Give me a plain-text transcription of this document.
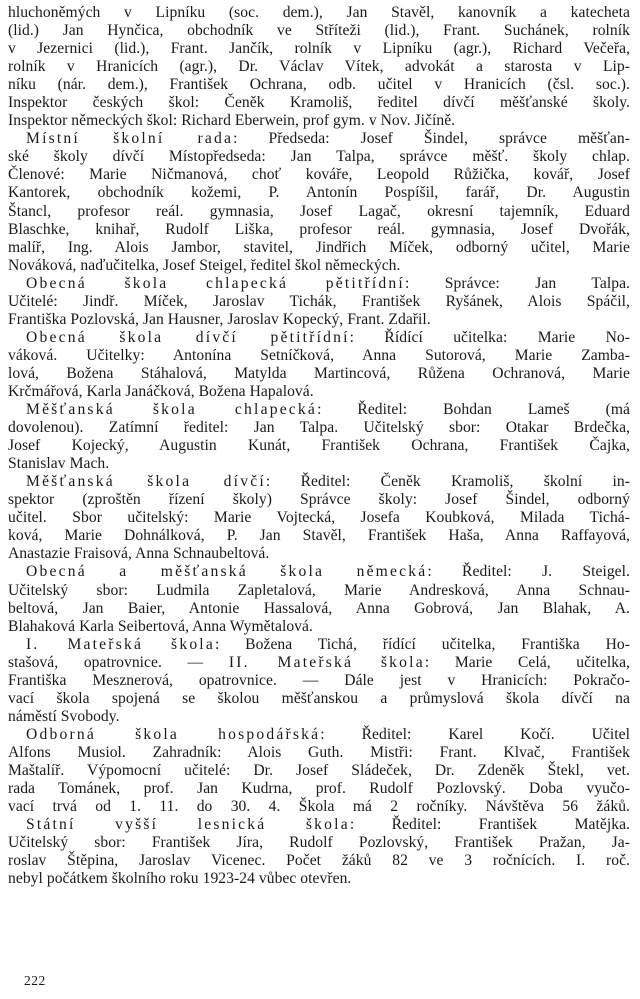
hluchoněmých v Lipníku (soc. dem.), Jan Stavěl, kanovník a katecheta
(lid.) Jan Hynčica, obchodník ve Stříteži (lid.), Frant. Suchánek, rolník
v Jezernici (lid.), Frant. Jančík, rolník v Lipníku (agr.), Richard Večeřa,
rolník v Hranicích (agr.), Dr. Václav Vítek, advokát a starosta v Lip-
níku (nár. dem.), František Ochrana, odb. učitel v Hranicích (čsl. soc.).
Inspektor českých škol: Čeněk Kramoliš, ředitel dívčí měšťanské školy.
Inspektor německých škol: Richard Eberwein, prof gym. v Nov. Jičíně.
Místní školní rada: Předseda: Josef Šindel, správce měšťan-
ské školy dívčí Místopředseda: Jan Talpa, správce měšť. školy chlap.
Členové: Marie Ničmanová, choť kováře, Leopold Růžička, kovář, Josef
Kantorek, obchodník kožemi, P. Antonín Pospíšil, farář, Dr. Augustin
Štancl, profesor reál. gymnasia, Josef Lagač, okresní tajemník, Eduard
Blaschke, knihař, Rudolf Liška, profesor reál. gymnasia, Josef Dvořák,
malíř, Ing. Alois Jambor, stavitel, Jindřich Míček, odborný učitel, Marie
Nováková, naďučitelka, Josef Steigel, ředitel škol německých.
Obecná škola chlapecká pětitřídní: Správce: Jan Talpa.
Učitelé: Jindř. Míček, Jaroslav Tichák, František Ryšánek, Alois Spáčil,
Františka Pozlovská, Jan Hausner, Jaroslav Kopecký, Frant. Zdařil.
Obecná škola dívčí pětitřídní: Řídící učitelka: Marie No-
váková. Učitelky: Antonína Setníčková, Anna Sutorová, Marie Zamba-
lová, Božena Stáhalová, Matylda Martincová, Růžena Ochranová, Marie
Krčmářová, Karla Janáčková, Božena Hapalová.
Měšťanská škola chlapecká: Ředitel: Bohdan Lameš (má
dovolenou). Zatímní ředitel: Jan Talpa. Učitelský sbor: Otakar Brdečka,
Josef Kojecký, Augustin Kunát, František Ochrana, František Čajka,
Stanislav Mach.
Měšťanská škola dívčí: Ředitel: Čeněk Kramoliš, školní in-
spektor (zproštěn řízení školy) Správce školy: Josef Šindel, odborný
učitel. Sbor učitelský: Marie Vojtecká, Josefa Koubková, Milada Tichá-
ková, Marie Dohnálková, P. Jan Stavěl, František Haša, Anna Raffayová,
Anastazie Fraisová, Anna Schnaubeltová.
Obecná a měšťanská škola německá: Ředitel: J. Steigel.
Učitelský sbor: Ludmila Zapletalová, Marie Andresková, Anna Schnau-
beltová, Jan Baier, Antonie Hassalová, Anna Gobrová, Jan Blahak, A.
Blahaková Karla Seibertová, Anna Wymětalová.
I. Mateřská škola: Božena Tichá, řídící učitelka, Františka Ho-
stašová, opatrovnice. — II. Mateřská škola: Marie Celá, učitelka,
Františka Mesznerová, opatrovnice. — Dále jest v Hranicích: Pokračo-
vací škola spojená se školou měšťanskou a průmyslová škola dívčí na
náměstí Svobody.
Odborná škola hospodářská: Ředitel: Karel Kočí. Učitel
Alfons Musiol. Zahradník: Alois Guth. Mistři: Frant. Klvač, František
Maštalíř. Výpomocní učitelé: Dr. Josef Sládeček, Dr. Zdeněk Štekl, vet.
rada Tománek, prof. Jan Kudrna, prof. Rudolf Pozlovský. Doba vyučo-
vací trvá od 1. 11. do 30. 4. Škola má 2 ročníky. Návštěva 56 žáků.
Státní vyšší lesnická škola: Ředitel: František Matějka.
Učitelský sbor: František Jíra, Rudolf Pozlovský, František Pražan, Ja-
roslav Štěpina, Jaroslav Vicenec. Počet žáků 82 ve 3 ročnících. I. roč.
nebyl počátkem školního roku 1923-24 vůbec otevřen.
222
